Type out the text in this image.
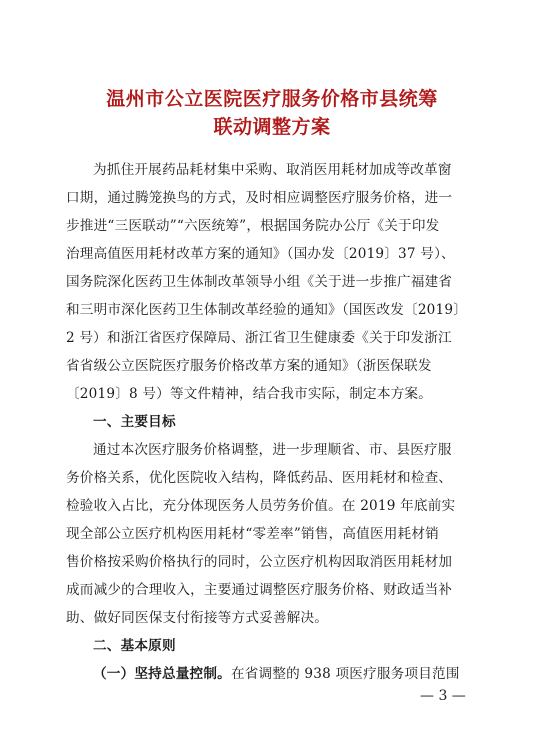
温州市公立医院医疗服务价格市县统筹
联动调整方案
为抓住开展药品耗材集中采购、取消医用耗材加成等改革窗
口期，通过腾笼换鸟的方式，及时相应调整医疗服务价格，进一
步推进“三医联动”“六医统筹”，根据国务院办公厅《关于印发
治理高值医用耗材改革方案的通知》（国办发〔2019〕37 号）、
国务院深化医药卫生体制改革领导小组《关于进一步推广福建省
和三明市深化医药卫生体制改革经验的通知》（国医改发〔2019〕
2 号）和浙江省医疗保障局、浙江省卫生健康委《关于印发浙江
省省级公立医院医疗服务价格改革方案的通知》（浙医保联发
〔2019〕8 号）等文件精神，结合我市实际，制定本方案。
一、主要目标
通过本次医疗服务价格调整，进一步理顺省、市、县医疗服
务价格关系，优化医院收入结构，降低药品、医用耗材和检查、
检验收入占比，充分体现医务人员劳务价值。在 2019 年底前实
现全部公立医疗机构医用耗材“零差率”销售，高值医用耗材销
售价格按采购价格执行的同时，公立医疗机构因取消医用耗材加
成而减少的合理收入，主要通过调整医疗服务价格、财政适当补
助、做好同医保支付衔接等方式妥善解决。
二、基本原则
（一）坚持总量控制。在省调整的 938 项医疗服务项目范围
— 3 —
